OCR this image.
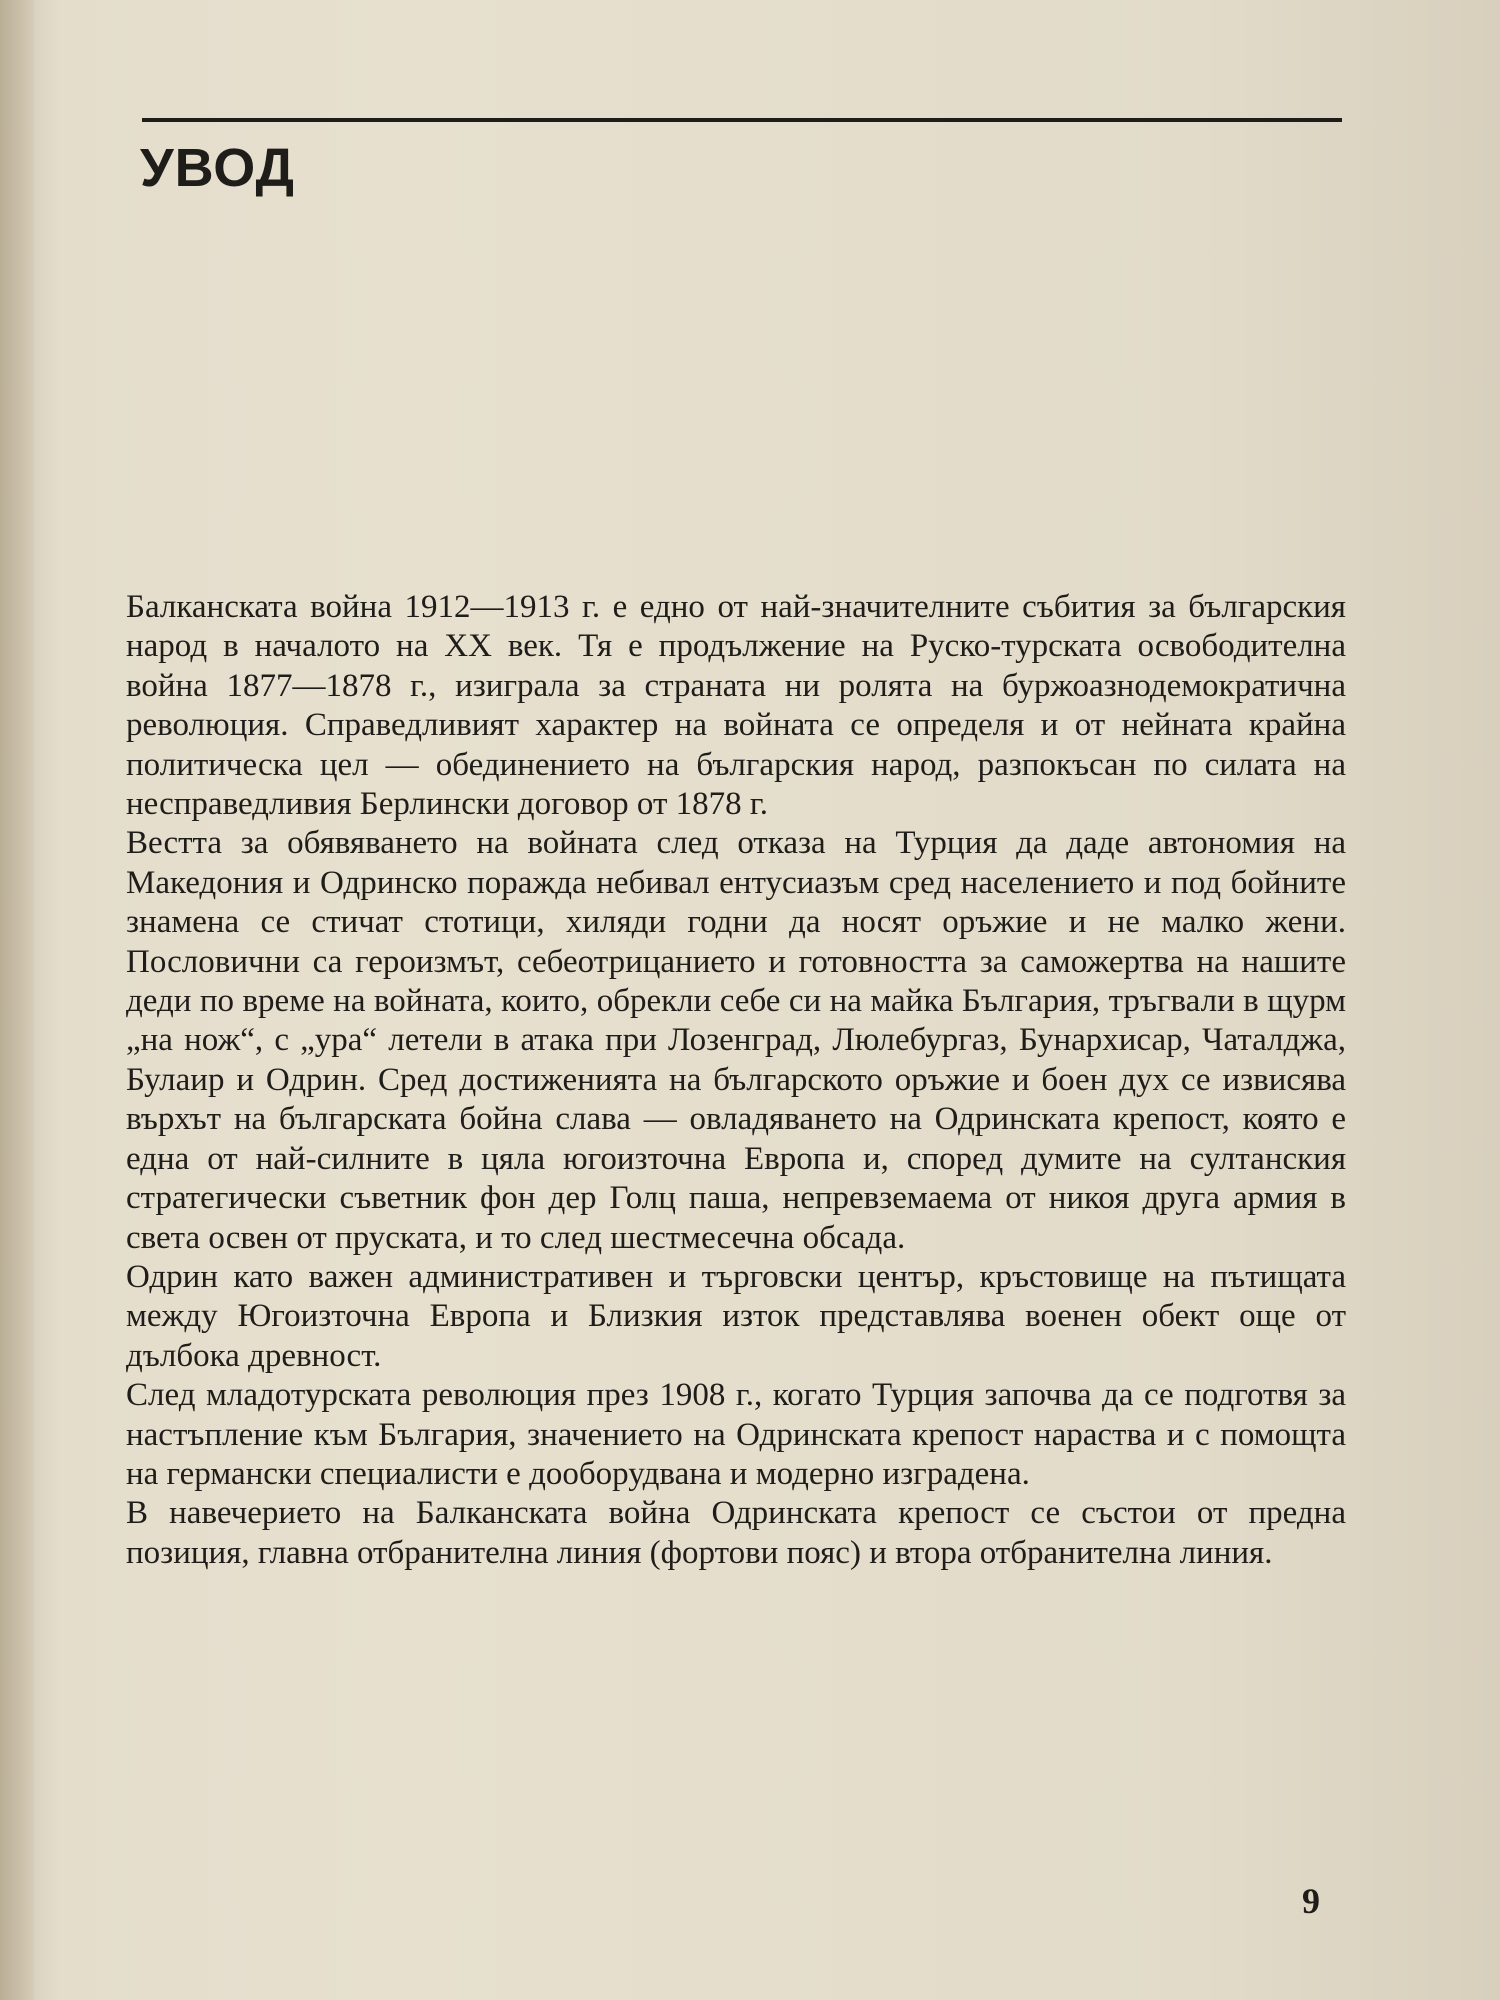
УВОД

Балканската война 1912—1913 г. е едно от най-значителните събития за българския народ в началото на XX век. Тя е продължение на Руско-турската освободителна война 1877—1878 г., изиграла за страната ни ролята на буржоазнодемократична революция. Справедливият характер на войната се определя и от нейната крайна политическа цел — обединението на българския народ, разпокъсан по силата на несправедливия Берлински договор от 1878 г.

Вестта за обявяването на войната след отказа на Турция да даде автономия на Македония и Одринско поражда небивал ентусиазъм сред населението и под бойните знамена се стичат стотици, хиляди годни да носят оръжие и не малко жени. Пословични са героизмът, себеотрицанието и готовността за саможертва на нашите деди по време на войната, които, обрекли себе си на майка България, тръгвали в щурм „на нож“, с „ура“ летели в атака при Лозенград, Люлебургаз, Бунархисар, Чаталджа, Булаир и Одрин. Сред достиженията на българското оръжие и боен дух се извисява върхът на българската бойна слава — овладяването на Одринската крепост, която е една от най-силните в цяла югоизточна Европа и, според думите на султанския стратегически съветник фон дер Голц паша, непревземаема от никоя друга армия в света освен от пруската, и то след шестмесечна обсада.

Одрин като важен административен и търговски център, кръстовище на пътищата между Югоизточна Европа и Близкия изток представлява военен обект още от дълбока древност.

След младотурската революция през 1908 г., когато Турция започва да се подготвя за настъпление към България, значението на Одринската крепост нараства и с помощта на германски специалисти е дооборудвана и модерно изградена.

В навечерието на Балканската война Одринската крепост се състои от предна позиция, главна отбранителна линия (фортови пояс) и втора отбранителна линия.

9
